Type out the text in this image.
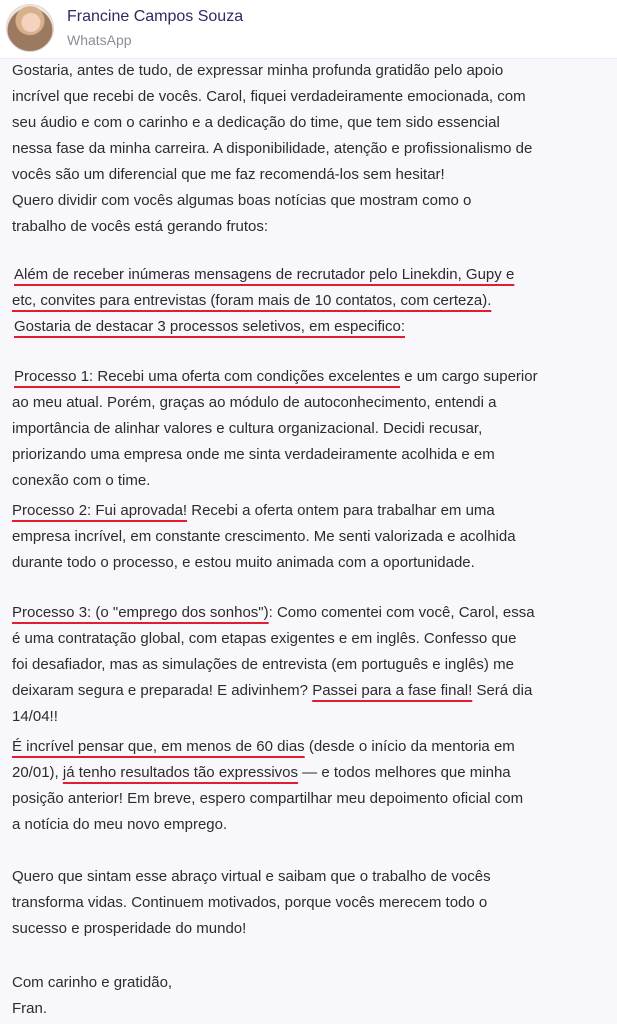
Francine Campos Souza
WhatsApp
Gostaria, antes de tudo, de expressar minha profunda gratidão pelo apoio
incrível que recebi de vocês. Carol, fiquei verdadeiramente emocionada, com
seu áudio e com o carinho e a dedicação do time, que tem sido essencial
nessa fase da minha carreira. A disponibilidade, atenção e profissionalismo de
vocês são um diferencial que me faz recomendá-los sem hesitar!
Quero dividir com vocês algumas boas notícias que mostram como o
trabalho de vocês está gerando frutos:
Além de receber inúmeras mensagens de recrutador pelo Linekdin, Gupy e
etc, convites para entrevistas (foram mais de 10 contatos, com certeza).
Gostaria de destacar 3 processos seletivos, em especifico:
Processo 1: Recebi uma oferta com condições excelentes e um cargo superior
ao meu atual. Porém, graças ao módulo de autoconhecimento, entendi a
importância de alinhar valores e cultura organizacional. Decidi recusar,
priorizando uma empresa onde me sinta verdadeiramente acolhida e em
conexão com o time.
Processo 2: Fui aprovada! Recebi a oferta ontem para trabalhar em uma
empresa incrível, em constante crescimento. Me senti valorizada e acolhida
durante todo o processo, e estou muito animada com a oportunidade.
Processo 3: (o "emprego dos sonhos"): Como comentei com você, Carol, essa
é uma contratação global, com etapas exigentes e em inglês. Confesso que
foi desafiador, mas as simulações de entrevista (em português e inglês) me
deixaram segura e preparada! E adivinhem? Passei para a fase final! Será dia
14/04!!
É incrível pensar que, em menos de 60 dias (desde o início da mentoria em
20/01), já tenho resultados tão expressivos — e todos melhores que minha
posição anterior! Em breve, espero compartilhar meu depoimento oficial com
a notícia do meu novo emprego.
Quero que sintam esse abraço virtual e saibam que o trabalho de vocês
transforma vidas. Continuem motivados, porque vocês merecem todo o
sucesso e prosperidade do mundo!
Com carinho e gratidão,
Fran.
